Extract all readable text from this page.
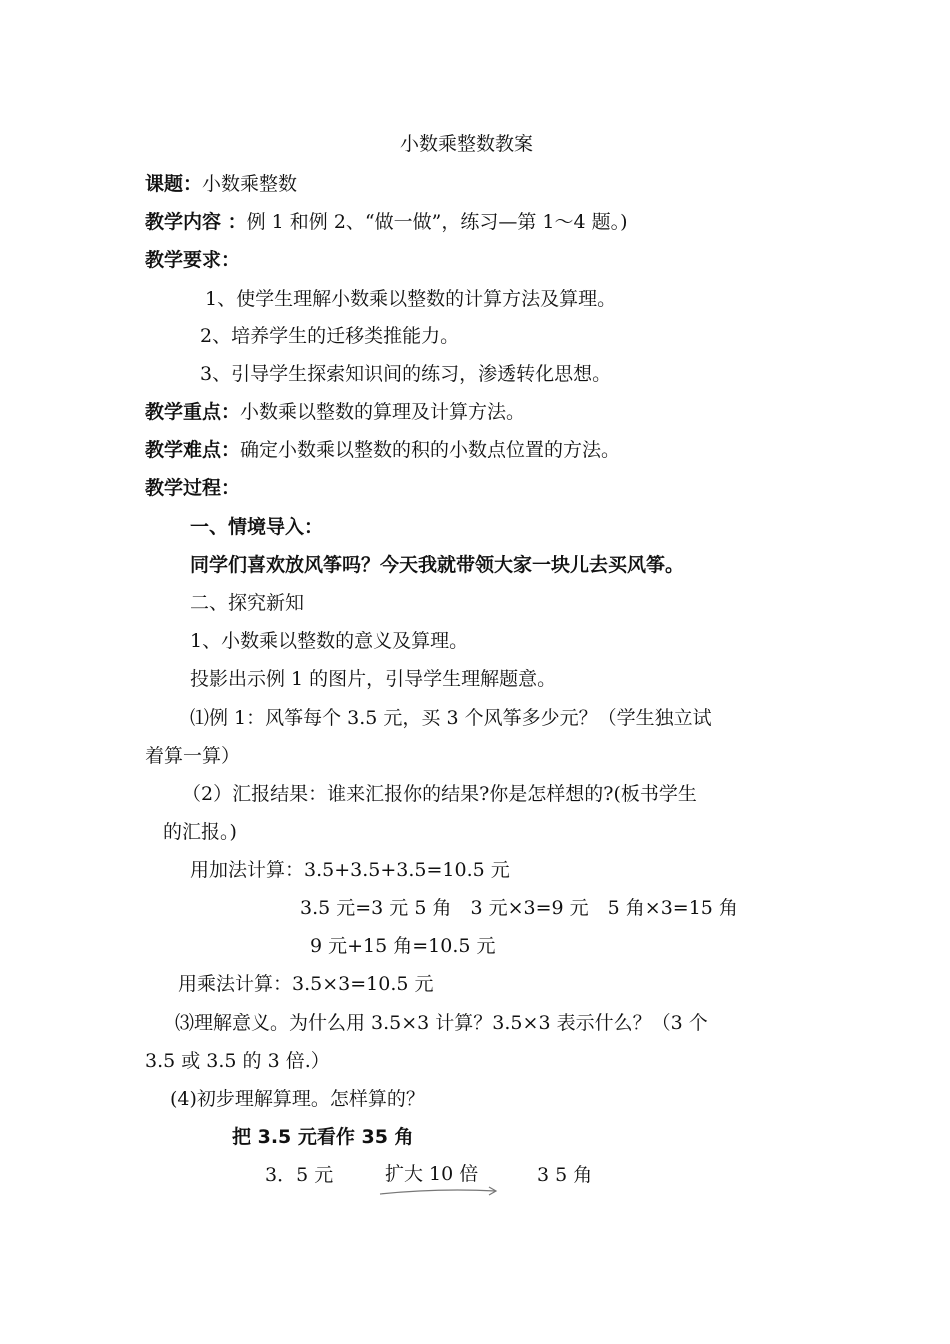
小数乘整数教案
课题：小数乘整数
教学内容 ：例 1 和例 2、“做一做”，练习—第 1～4 题。)
教学要求：
1、使学生理解小数乘以整数的计算方法及算理。
2、培养学生的迁移类推能力。
3、引导学生探索知识间的练习，渗透转化思想。
教学重点：小数乘以整数的算理及计算方法。
教学难点：确定小数乘以整数的积的小数点位置的方法。
教学过程：
一、情境导入：
同学们喜欢放风筝吗？今天我就带领大家一块儿去买风筝。
二、探究新知
1、小数乘以整数的意义及算理。
投影出示例 1 的图片，引导学生理解题意。
⑴例 1：风筝每个 3.5 元，买 3 个风筝多少元？（学生独立试
着算一算）
（2）汇报结果：谁来汇报你的结果?你是怎样想的?(板书学生
的汇报。)
用加法计算：3.5+3.5+3.5=10.5 元
3.5 元=3 元 5 角　3 元×3=9 元　5 角×3=15 角
9 元+15 角=10.5 元
用乘法计算：3.5×3=10.5 元
⑶理解意义。为什么用 3.5×3 计算？3.5×3 表示什么？（3 个
3.5 或 3.5 的 3 倍.）
(4)初步理解算理。怎样算的？
把 3.5 元看作 35 角
3．5 元	扩大 10 倍	3 5 角
